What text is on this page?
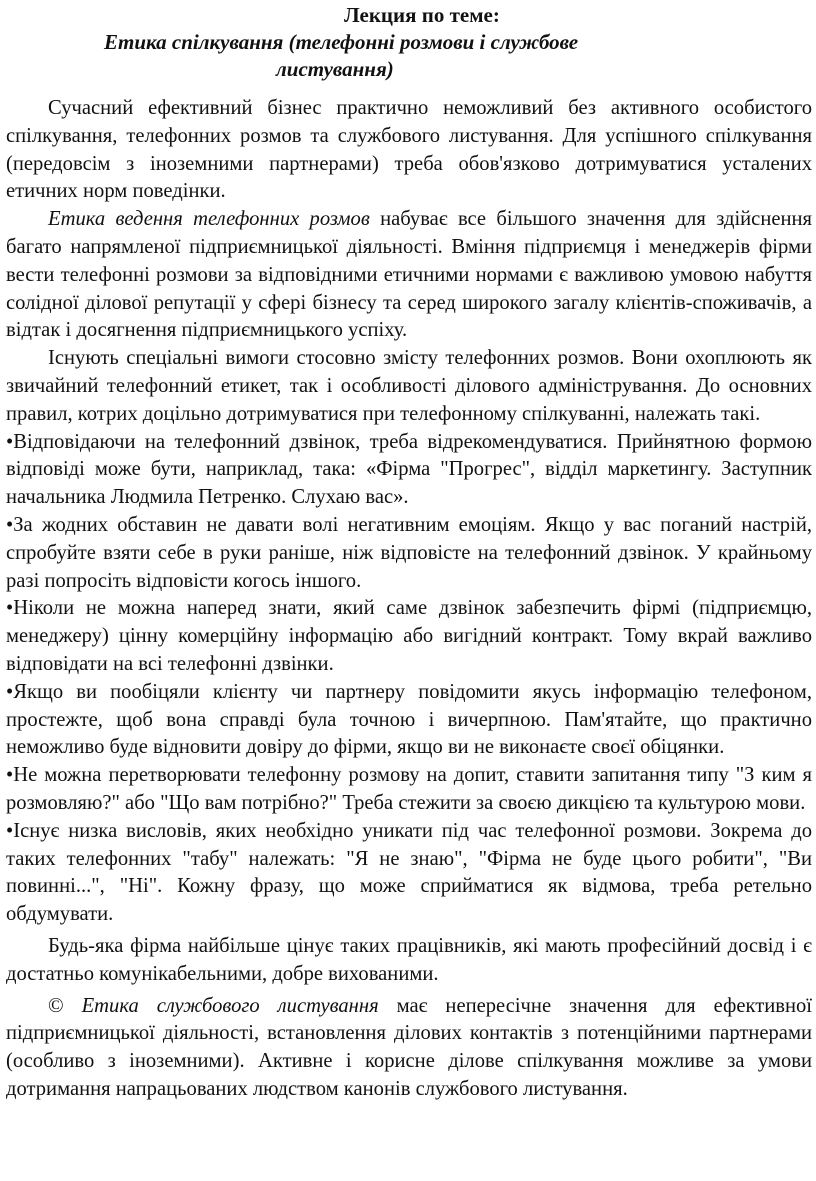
Лекция по теме:
Етика спілкування (телефонні розмови і службове
листування)

Сучасний ефективний бізнес практично неможливий без активного особистого спілкування, телефонних розмов та службового листування. Для успішного спілкування (передовсім з іноземними партнерами) треба обов'язково дотримуватися усталених етичних норм поведінки.

Етика ведення телефонних розмов набуває все більшого значення для здійснення багато напрямленої підприємницької діяльності. Вміння підприємця і менеджерів фірми вести телефонні розмови за відповідними етичними нормами є важливою умовою набуття солідної ділової репутації у сфері бізнесу та серед широкого загалу клієнтів-споживачів, а відтак і досягнення підприємницького успіху.

Існують спеціальні вимоги стосовно змісту телефонних розмов. Вони охоплюють як звичайний телефонний етикет, так і особливості ділового адміністрування. До основних правил, котрих доцільно дотримуватися при телефонному спілкуванні, належать такі.

•Відповідаючи на телефонний дзвінок, треба відрекомендуватися. Прийнятною формою відповіді може бути, наприклад, така: «Фірма "Прогрес", відділ маркетингу. Заступник начальника Людмила Петренко. Слухаю вас».

•За жодних обставин не давати волі негативним емоціям. Якщо у вас поганий настрій, спробуйте взяти себе в руки раніше, ніж відповісте на телефонний дзвінок. У крайньому разі попросіть відповісти когось іншого.

•Ніколи не можна наперед знати, який саме дзвінок забезпечить фірмі (підприємцю, менеджеру) цінну комерційну інформацію або вигідний контракт. Тому вкрай важливо відповідати на всі телефонні дзвінки.

•Якщо ви пообіцяли клієнту чи партнеру повідомити якусь інформацію телефоном, простежте, щоб вона справді була точною і вичерпною. Пам'ятайте, що практично неможливо буде відновити довіру до фірми, якщо ви не виконаєте своєї обіцянки.

•Не можна перетворювати телефонну розмову на допит, ставити запитання типу "З ким я розмовляю?" або "Що вам потрібно?" Треба стежити за своєю дикцією та культурою мови.

•Існує низка висловів, яких необхідно уникати під час телефонної розмови. Зокрема до таких телефонних "табу" належать: "Я не знаю", "Фірма не буде цього робити", "Ви повинні...", "Ні". Кожну фразу, що може сприйматися як відмова, треба ретельно обдумувати.

Будь-яка фірма найбільше цінує таких працівників, які мають професійний досвід і є достатньо комунікабельними, добре вихованими.

© Етика службового листування має непересічне значення для ефективної підприємницької діяльності, встановлення ділових контактів з потенційними партнерами (особливо з іноземними). Активне і корисне ділове спілкування можливе за умови дотримання напрацьованих людством канонів службового листування.
